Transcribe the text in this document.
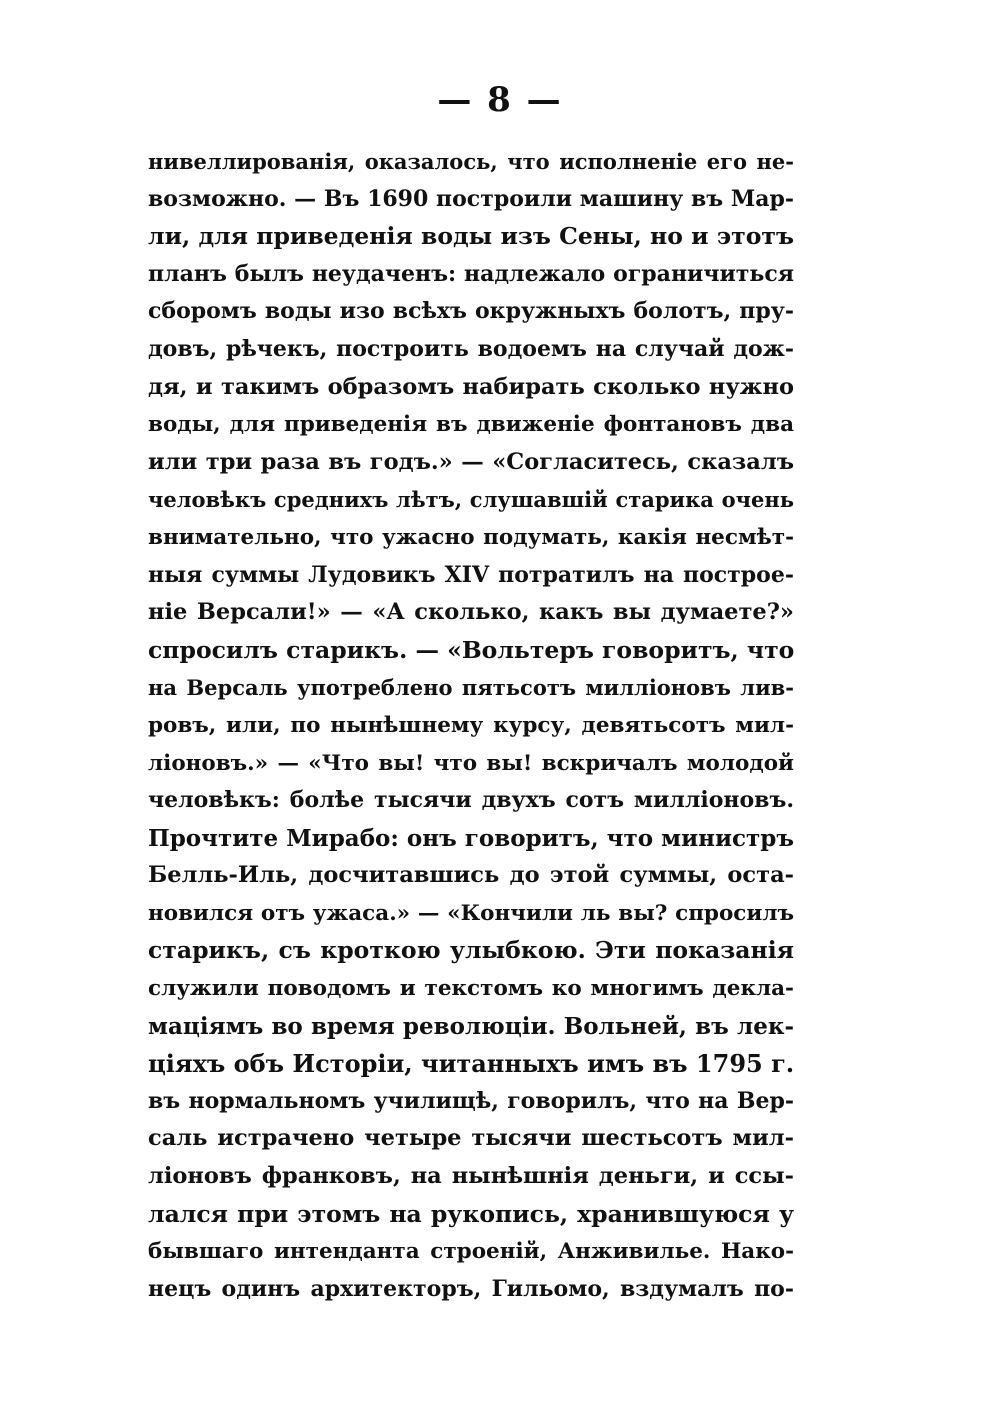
— 8 —
нивеллированія, оказалось, что исполненіе его не-
возможно. — Въ 1690 построили машину въ Мар-
ли, для приведенія воды изъ Сены, но и этотъ
планъ былъ неудаченъ: надлежало ограничиться
сборомъ воды изо всѣхъ окружныхъ болотъ, пру-
довъ, рѣчекъ, построить водоемъ на случай дож-
дя, и такимъ образомъ набирать сколько нужно
воды, для приведенія въ движеніе фонтановъ два
или три раза въ годъ.» — «Согласитесь, сказалъ
человѣкъ среднихъ лѣтъ, слушавшій старика очень
внимательно, что ужасно подумать, какія несмѣт-
ныя суммы Лудовикъ XIV потратилъ на построе-
ніе Версали!» — «А сколько, какъ вы думаете?»
спросилъ старикъ. — «Вольтеръ говоритъ, что
на Версаль употреблено пятьсотъ милліоновъ лив-
ровъ, или, по нынѣшнему курсу, девятьсотъ мил-
ліоновъ.» — «Что вы! что вы! вскричалъ молодой
человѣкъ: болѣе тысячи двухъ сотъ милліоновъ.
Прочтите Мирабо: онъ говоритъ, что министръ
Белль-Иль, досчитавшись до этой суммы, оста-
новился отъ ужаса.» — «Кончили ль вы? спросилъ
старикъ, съ кроткою улыбкою. Эти показанія
служили поводомъ и текстомъ ко многимъ декла-
маціямъ во время революціи. Вольней, въ лек-
ціяхъ объ Исторіи, читанныхъ имъ въ 1795 г.
въ нормальномъ училищѣ, говорилъ, что на Вер-
саль истрачено четыре тысячи шестьсотъ мил-
ліоновъ франковъ, на нынѣшнія деньги, и ссы-
лался при этомъ на рукопись, хранившуюся у
бывшаго интенданта строеній, Анживилье. Нако-
нецъ одинъ архитекторъ, Гильомо, вздумалъ по-
